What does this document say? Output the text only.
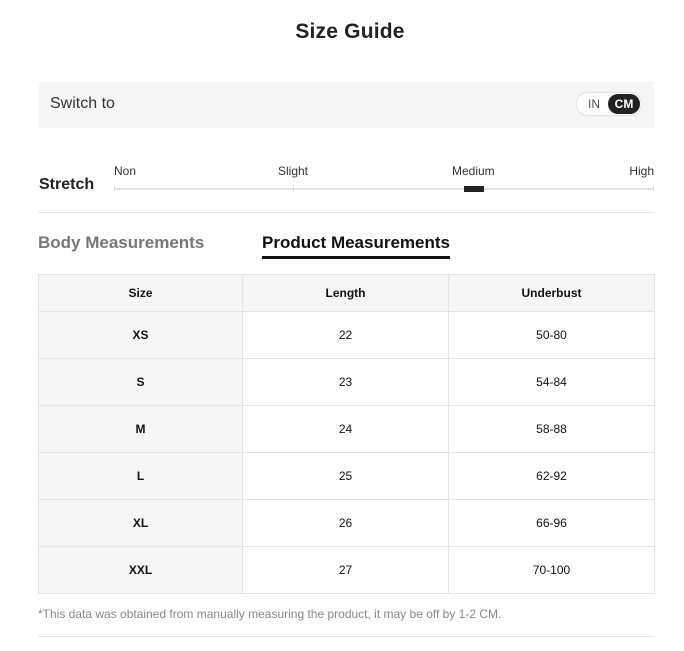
Size Guide
Switch to	IN	CM
Stretch
Non	Slight	Medium	High
Body Measurements	Product Measurements
Size	Length	Underbust
XS	22	50-80
S	23	54-84
M	24	58-88
L	25	62-92
XL	26	66-96
XXL	27	70-100
*This data was obtained from manually measuring the product, it may be off by 1-2 CM.
